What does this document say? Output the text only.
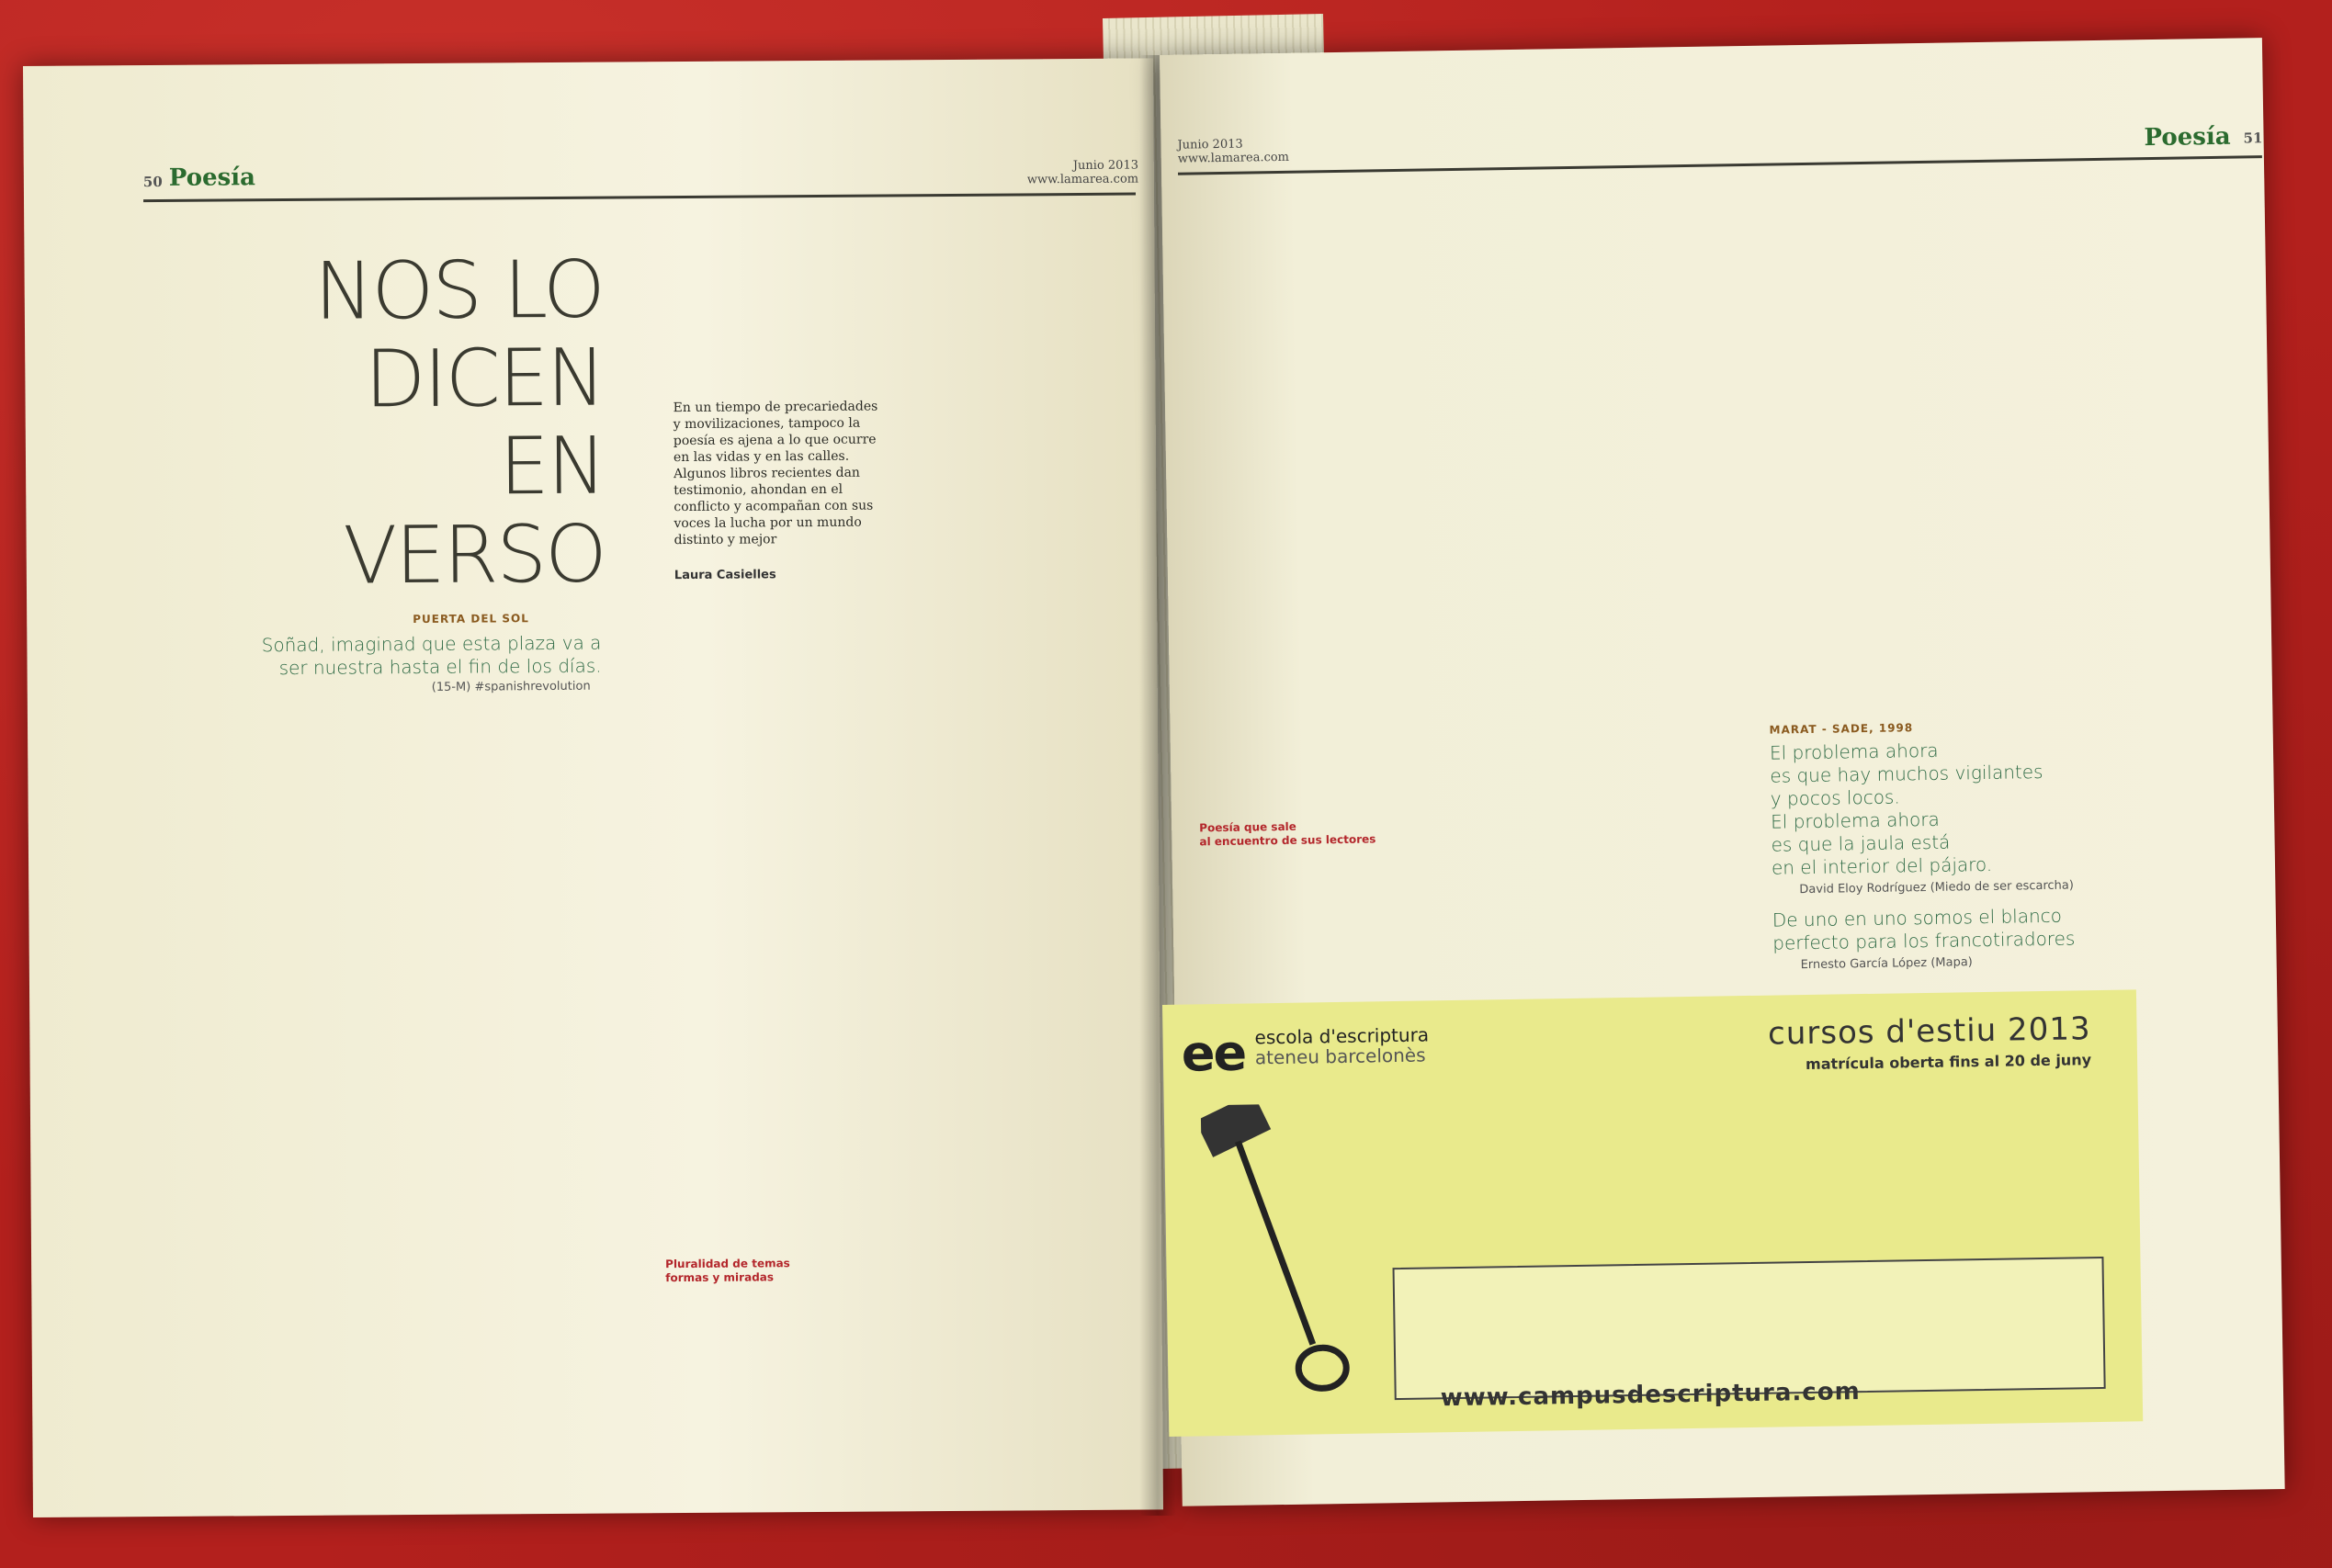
50 Poesía	Junio 2013
www.lamarea.com
NOS LO
DICEN EN
VERSO
En un tiempo de precariedades y movilizaciones, tampoco la poesía es ajena a lo que ocurre en las vidas y en las calles. Algunos libros recientes dan testimonio, ahondan en el conflicto y acompañan con sus voces la lucha por un mundo distinto y mejor
Laura Casielles
PUERTA DEL SOL
Soñad, imaginad que esta plaza va a
ser nuestra hasta el fin de los días.
(15-M) #spanishrevolution
Pluralidad de temas
formas y miradas
Junio 2013
www.lamarea.com
Poesía 51
Poesía que sale
al encuentro de sus lectores
MARAT - SADE, 1998
El problema ahora
es que hay muchos vigilantes
y pocos locos.
El problema ahora
es que la jaula está
en el interior del pájaro.
David Eloy Rodríguez (Miedo de ser escarcha)
De uno en uno somos el blanco
perfecto para los francotiradores
Ernesto García López (Mapa)
ee escola d'escriptura
ateneu barcelonès
cursos d'estiu 2013
matrícula oberta fins al 20 de juny
www.campusdescriptura.com
